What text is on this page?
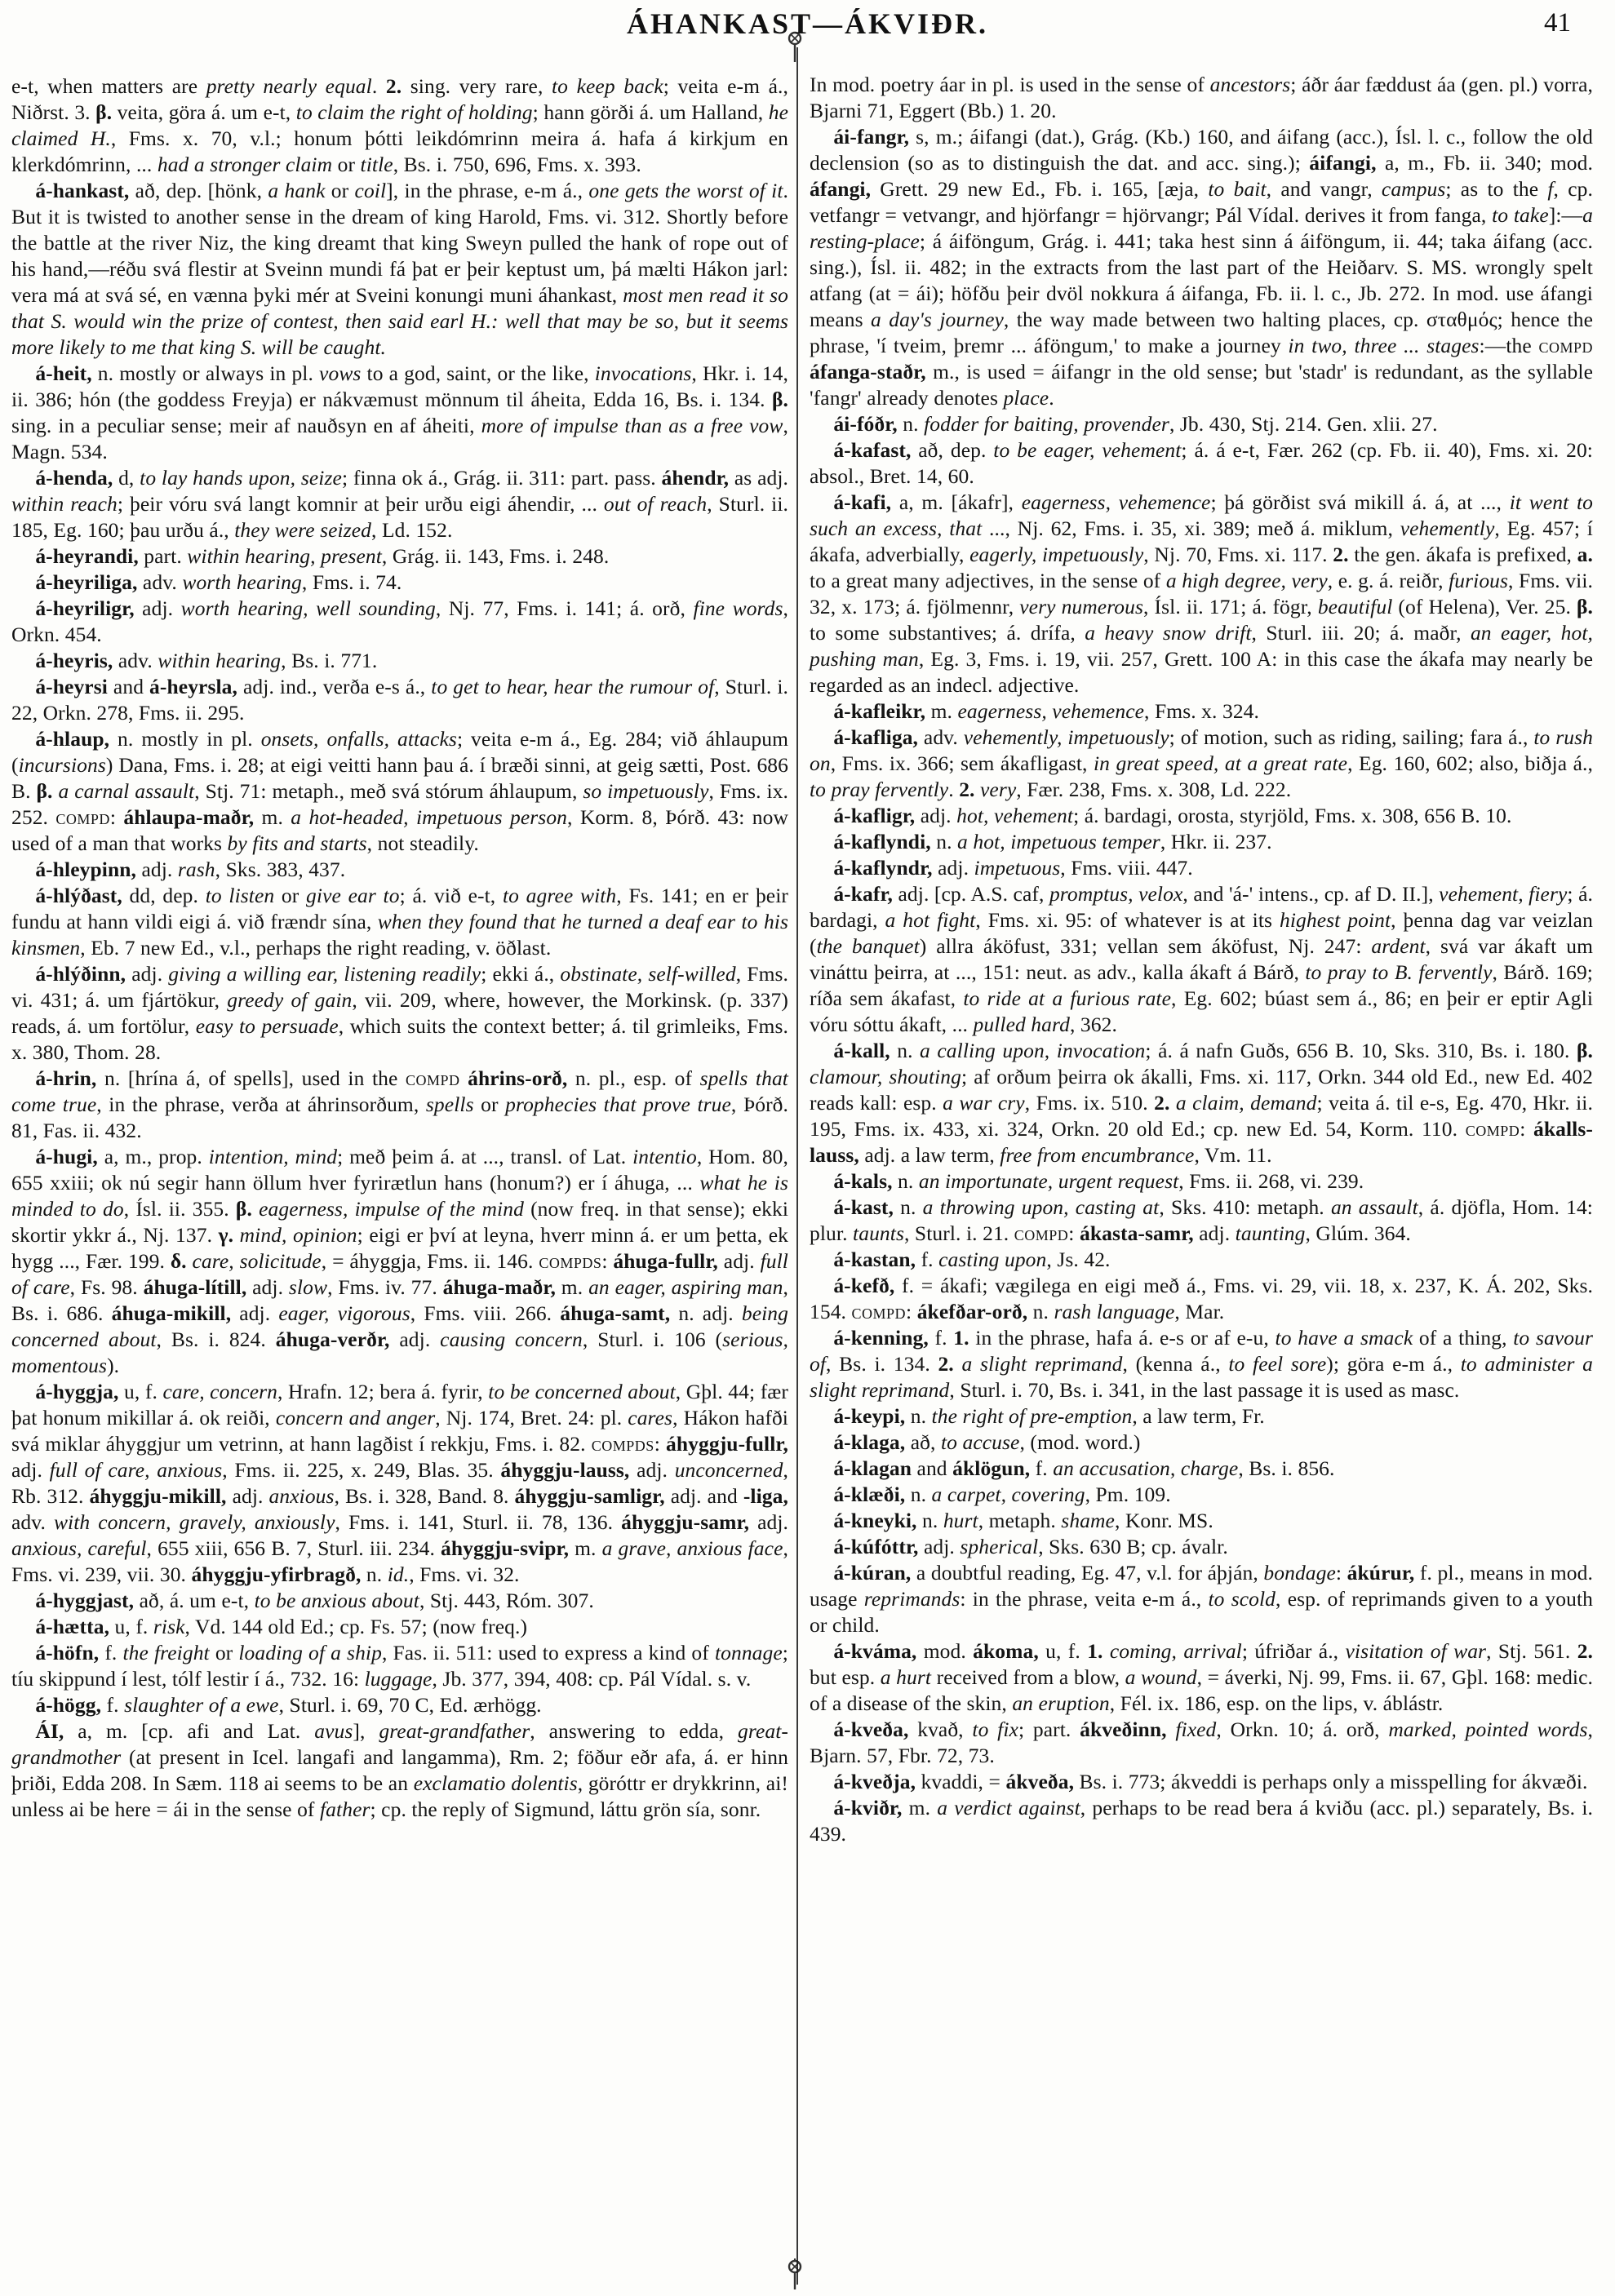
ÁHANKAST—ÁKVIÐR.	41

e-t, when matters are pretty nearly equal. 2. sing. very rare, to keep back; veita e-m á., Niðrst. 3. β. veita, göra á. um e-t, to claim the right of holding; hann görði á. um Halland, he claimed H., Fms. x. 70, v.l.; honum þótti leikdómrinn meira á. hafa á kirkjum en klerkdómrinn, ... had a stronger claim or title, Bs. i. 750, 696, Fms. x. 393.

á-hankast, að, dep. [hönk, a hank or coil], in the phrase, e-m á., one gets the worst of it. But it is twisted to another sense in the dream of king Harold, Fms. vi. 312. Shortly before the battle at the river Niz, the king dreamt that king Sweyn pulled the hank of rope out of his hand,—réðu svá flestir at Sveinn mundi fá þat er þeir keptust um, þá mælti Hákon jarl: vera má at svá sé, en vænna þyki mér at Sveini konungi muni áhankast, most men read it so that S. would win the prize of contest, then said earl H.: well that may be so, but it seems more likely to me that king S. will be caught.

á-heit, n. mostly or always in pl. vows to a god, saint, or the like, invocations, Hkr. i. 14, ii. 386; hón (the goddess Freyja) er nákvæmust mönnum til áheita, Edda 16, Bs. i. 134. β. sing. in a peculiar sense; meir af nauðsyn en af áheiti, more of impulse than as a free vow, Magn. 534.

á-henda, d, to lay hands upon, seize; finna ok á., Grág. ii. 311: part. pass. áhendr, as adj. within reach; þeir vóru svá langt komnir at þeir urðu eigi áhendir, ... out of reach, Sturl. ii. 185, Eg. 160; þau urðu á., they were seized, Ld. 152.

á-heyrandi, part. within hearing, present, Grág. ii. 143, Fms. i. 248.

á-heyriliga, adv. worth hearing, Fms. i. 74.

á-heyriligr, adj. worth hearing, well sounding, Nj. 77, Fms. i. 141; á. orð, fine words, Orkn. 454.

á-heyris, adv. within hearing, Bs. i. 771.

á-heyrsi and á-heyrsla, adj. ind., verða e-s á., to get to hear, hear the rumour of, Sturl. i. 22, Orkn. 278, Fms. ii. 295.

á-hlaup, n. mostly in pl. onsets, onfalls, attacks; veita e-m á., Eg. 284; við áhlaupum (incursions) Dana, Fms. i. 28; at eigi veitti hann þau á. í bræði sinni, at geig sætti, Post. 686 B. β. a carnal assault, Stj. 71: metaph., með svá stórum áhlaupum, so impetuously, Fms. ix. 252. compd: áhlaupa-maðr, m. a hot-headed, impetuous person, Korm. 8, Þórð. 43: now used of a man that works by fits and starts, not steadily.

á-hleypinn, adj. rash, Sks. 383, 437.

á-hlýðast, dd, dep. to listen or give ear to; á. við e-t, to agree with, Fs. 141; en er þeir fundu at hann vildi eigi á. við frændr sína, when they found that he turned a deaf ear to his kinsmen, Eb. 7 new Ed., v.l., perhaps the right reading, v. öðlast.

á-hlýðinn, adj. giving a willing ear, listening readily; ekki á., obstinate, self-willed, Fms. vi. 431; á. um fjártökur, greedy of gain, vii. 209, where, however, the Morkinsk. (p. 337) reads, á. um fortölur, easy to persuade, which suits the context better; á. til grimleiks, Fms. x. 380, Thom. 28.

á-hrin, n. [hrína á, of spells], used in the compd áhrins-orð, n. pl., esp. of spells that come true, in the phrase, verða at áhrinsorðum, spells or prophecies that prove true, Þórð. 81, Fas. ii. 432.

á-hugi, a, m., prop. intention, mind; með þeim á. at ..., transl. of Lat. intentio, Hom. 80, 655 xxiii; ok nú segir hann öllum hver fyrirætlun hans (honum?) er í áhuga, ... what he is minded to do, Ísl. ii. 355. β. eagerness, impulse of the mind (now freq. in that sense); ekki skortir ykkr á., Nj. 137. γ. mind, opinion; eigi er því at leyna, hverr minn á. er um þetta, ek hygg ..., Fær. 199. δ. care, solicitude, = áhyggja, Fms. ii. 146. compds: áhuga-fullr, adj. full of care, Fs. 98. áhuga-lítill, adj. slow, Fms. iv. 77. áhuga-maðr, m. an eager, aspiring man, Bs. i. 686. áhuga-mikill, adj. eager, vigorous, Fms. viii. 266. áhuga-samt, n. adj. being concerned about, Bs. i. 824. áhuga-verðr, adj. causing concern, Sturl. i. 106 (serious, momentous).

á-hyggja, u, f. care, concern, Hrafn. 12; bera á. fyrir, to be concerned about, Gþl. 44; fær þat honum mikillar á. ok reiði, concern and anger, Nj. 174, Bret. 24: pl. cares, Hákon hafði svá miklar áhyggjur um vetrinn, at hann lagðist í rekkju, Fms. i. 82. compds: áhyggju-fullr, adj. full of care, anxious, Fms. ii. 225, x. 249, Blas. 35. áhyggju-lauss, adj. unconcerned, Rb. 312. áhyggju-mikill, adj. anxious, Bs. i. 328, Band. 8. áhyggju-samligr, adj. and -liga, adv. with concern, gravely, anxiously, Fms. i. 141, Sturl. ii. 78, 136. áhyggju-samr, adj. anxious, careful, 655 xiii, 656 B. 7, Sturl. iii. 234. áhyggju-svipr, m. a grave, anxious face, Fms. vi. 239, vii. 30. áhyggju-yfirbragð, n. id., Fms. vi. 32.

á-hyggjast, að, á. um e-t, to be anxious about, Stj. 443, Róm. 307.

á-hætta, u, f. risk, Vd. 144 old Ed.; cp. Fs. 57; (now freq.)

á-höfn, f. the freight or loading of a ship, Fas. ii. 511: used to express a kind of tonnage; tíu skippund í lest, tólf lestir í á., 732. 16: luggage, Jb. 377, 394, 408: cp. Pál Vídal. s. v.

á-högg, f. slaughter of a ewe, Sturl. i. 69, 70 C, Ed. ærhögg.

ÁI, a, m. [cp. afi and Lat. avus], great-grandfather, answering to edda, great-grandmother (at present in Icel. langafi and langamma), Rm. 2; föður eðr afa, á. er hinn þriði, Edda 208. In Sæm. 118 ai seems to be an exclamatio dolentis, göróttr er drykkrinn, ai! unless ai be here = ái in the sense of father; cp. the reply of Sigmund, láttu grön sía, sonr.

In mod. poetry áar in pl. is used in the sense of ancestors; áðr áar fæddust áa (gen. pl.) vorra, Bjarni 71, Eggert (Bb.) 1. 20.

ái-fangr, s, m.; áifangi (dat.), Grág. (Kb.) 160, and áifang (acc.), Ísl. l. c., follow the old declension (so as to distinguish the dat. and acc. sing.); áifangi, a, m., Fb. ii. 340; mod. áfangi, Grett. 29 new Ed., Fb. i. 165, [æja, to bait, and vangr, campus; as to the f, cp. vetfangr = vetvangr, and hjörfangr = hjörvangr; Pál Vídal. derives it from fanga, to take]:—a resting-place; á áiföngum, Grág. i. 441; taka hest sinn á áiföngum, ii. 44; taka áifang (acc. sing.), Ísl. ii. 482; in the extracts from the last part of the Heiðarv. S. MS. wrongly spelt atfang (at = ái); höfðu þeir dvöl nokkura á áifanga, Fb. ii. l. c., Jb. 272. In mod. use áfangi means a day's journey, the way made between two halting places, cp. σταθμός; hence the phrase, 'í tveim, þremr ... áföngum,' to make a journey in two, three ... stages:—the compd áfanga-staðr, m., is used = áifangr in the old sense; but 'stadr' is redundant, as the syllable 'fangr' already denotes place.

ái-fóðr, n. fodder for baiting, provender, Jb. 430, Stj. 214. Gen. xlii. 27.

á-kafast, að, dep. to be eager, vehement; á. á e-t, Fær. 262 (cp. Fb. ii. 40), Fms. xi. 20: absol., Bret. 14, 60.

á-kafi, a, m. [ákafr], eagerness, vehemence; þá görðist svá mikill á. á, at ..., it went to such an excess, that ..., Nj. 62, Fms. i. 35, xi. 389; með á. miklum, vehemently, Eg. 457; í ákafa, adverbially, eagerly, impetuously, Nj. 70, Fms. xi. 117. 2. the gen. ákafa is prefixed, a. to a great many adjectives, in the sense of a high degree, very, e. g. á. reiðr, furious, Fms. vii. 32, x. 173; á. fjölmennr, very numerous, Ísl. ii. 171; á. fögr, beautiful (of Helena), Ver. 25. β. to some substantives; á. drífa, a heavy snow drift, Sturl. iii. 20; á. maðr, an eager, hot, pushing man, Eg. 3, Fms. i. 19, vii. 257, Grett. 100 A: in this case the ákafa may nearly be regarded as an indecl. adjective.

á-kafleikr, m. eagerness, vehemence, Fms. x. 324.

á-kafliga, adv. vehemently, impetuously; of motion, such as riding, sailing; fara á., to rush on, Fms. ix. 366; sem ákafligast, in great speed, at a great rate, Eg. 160, 602; also, biðja á., to pray fervently. 2. very, Fær. 238, Fms. x. 308, Ld. 222.

á-kafligr, adj. hot, vehement; á. bardagi, orosta, styrjöld, Fms. x. 308, 656 B. 10.

á-kaflyndi, n. a hot, impetuous temper, Hkr. ii. 237.

á-kaflyndr, adj. impetuous, Fms. viii. 447.

á-kafr, adj. [cp. A.S. caf, promptus, velox, and 'á-' intens., cp. af D. II.], vehement, fiery; á. bardagi, a hot fight, Fms. xi. 95: of whatever is at its highest point, þenna dag var veizlan (the banquet) allra áköfust, 331; vellan sem áköfust, Nj. 247: ardent, svá var ákaft um vináttu þeirra, at ..., 151: neut. as adv., kalla ákaft á Bárð, to pray to B. fervently, Bárð. 169; ríða sem ákafast, to ride at a furious rate, Eg. 602; búast sem á., 86; en þeir er eptir Agli vóru sóttu ákaft, ... pulled hard, 362.

á-kall, n. a calling upon, invocation; á. á nafn Guðs, 656 B. 10, Sks. 310, Bs. i. 180. β. clamour, shouting; af orðum þeirra ok ákalli, Fms. xi. 117, Orkn. 344 old Ed., new Ed. 402 reads kall: esp. a war cry, Fms. ix. 510. 2. a claim, demand; veita á. til e-s, Eg. 470, Hkr. ii. 195, Fms. ix. 433, xi. 324, Orkn. 20 old Ed.; cp. new Ed. 54, Korm. 110. compd: ákalls-lauss, adj. a law term, free from encumbrance, Vm. 11.

á-kals, n. an importunate, urgent request, Fms. ii. 268, vi. 239.

á-kast, n. a throwing upon, casting at, Sks. 410: metaph. an assault, á. djöfla, Hom. 14: plur. taunts, Sturl. i. 21. compd: ákasta-samr, adj. taunting, Glúm. 364.

á-kastan, f. casting upon, Js. 42.

á-kefð, f. = ákafi; vægilega en eigi með á., Fms. vi. 29, vii. 18, x. 237, K. Á. 202, Sks. 154. compd: ákefðar-orð, n. rash language, Mar.

á-kenning, f. 1. in the phrase, hafa á. e-s or af e-u, to have a smack of a thing, to savour of, Bs. i. 134. 2. a slight reprimand, (kenna á., to feel sore); göra e-m á., to administer a slight reprimand, Sturl. i. 70, Bs. i. 341, in the last passage it is used as masc.

á-keypi, n. the right of pre-emption, a law term, Fr.

á-klaga, að, to accuse, (mod. word.)

á-klagan and áklögun, f. an accusation, charge, Bs. i. 856.

á-klæði, n. a carpet, covering, Pm. 109.

á-kneyki, n. hurt, metaph. shame, Konr. MS.

á-kúfóttr, adj. spherical, Sks. 630 B; cp. ávalr.

á-kúran, a doubtful reading, Eg. 47, v.l. for áþján, bondage: ákúrur, f. pl., means in mod. usage reprimands: in the phrase, veita e-m á., to scold, esp. of reprimands given to a youth or child.

á-kváma, mod. ákoma, u, f. 1. coming, arrival; úfriðar á., visitation of war, Stj. 561. 2. but esp. a hurt received from a blow, a wound, = áverki, Nj. 99, Fms. ii. 67, Gþl. 168: medic. of a disease of the skin, an eruption, Fél. ix. 186, esp. on the lips, v. áblástr.

á-kveða, kvað, to fix; part. ákveðinn, fixed, Orkn. 10; á. orð, marked, pointed words, Bjarn. 57, Fbr. 72, 73.

á-kveðja, kvaddi, = ákveða, Bs. i. 773; ákveddi is perhaps only a misspelling for ákvæði.

á-kviðr, m. a verdict against, perhaps to be read bera á kviðu (acc. pl.) separately, Bs. i. 439.
